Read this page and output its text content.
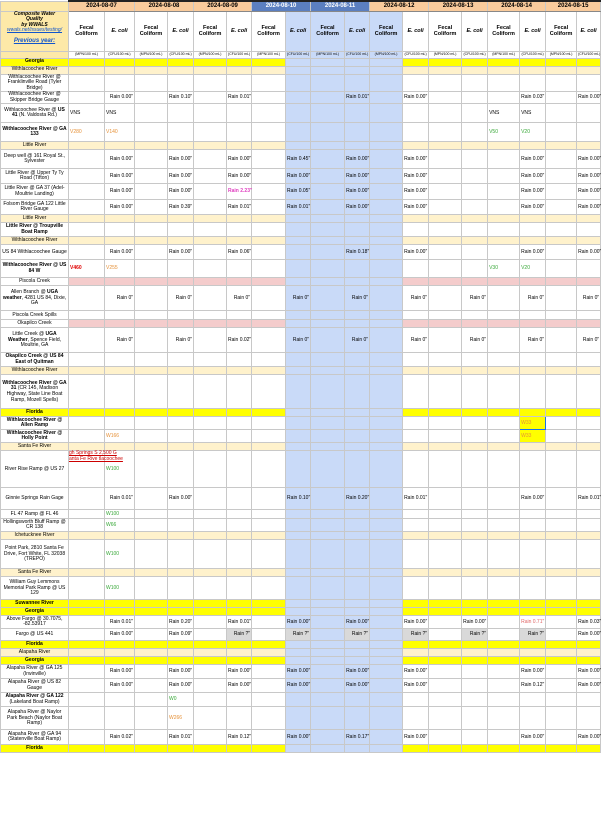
	2024-08-07		2024-08-08		2024-08-09		2024-08-10		2024-08-11		2024-08-12		2024-08-13		2024-08-14		2024-08-15	

Composite Water
Quality
by WWALS
wwals.net/issues/testing/
Previous year:	Fecal Coliform	E. coli	Fecal Coliform	E. coli	Fecal Coliform	E. coli	Fecal Coliform	E. coli	Fecal Coliform	E. coli	Fecal Coliform	E. coli	Fecal Coliform	E. coli	Fecal Coliform	E. coli	Fecal Coliform	E. coli
	(MPN/100 mL)	(CFU/100 mL)	(MPN/100 mL)	(CFU/100 mL)	(MPN/100 mL)	(CFU/100 mL)	(MPN/100 mL)	(CFU/100 mL)	(MPN/100 mL)	(CFU/100 mL)	(MPN/100 mL)	(CFU/100 mL)	(MPN/100 mL)	(CFU/100 mL)	(MPN/100 mL)	(CFU/100 mL)	(MPN/100 mL)	(CFU/100 mL)
Georgia																		
Withlacoochee River																		
Withlacoochee River @ Franklinville Road (Tyler Bridge)																		
Withlacoochee River @ Skipper Bridge Gauge		Rain 0.00"		Rain 0.10"		Rain 0.01"				Rain 0.01"		Rain 0.00"				Rain 0.03"		Rain 0.00"
Withlacoochee River @ US 41 (N. Valdosta Rd.)	VNS	VNS													VNS	VNS		
Withlacoochee River @ GA 133	V280	V140													V50	V20		
Little River																		
Deep well @ 161 Royal St., Sylvester		Rain 0.00"		Rain 0.00"		Rain 0.00"		Rain 0.45"		Rain 0.00"		Rain 0.00"				Rain 0.00"		Rain 0.00"
Little River @ Upper Ty Ty Road (Tifton)		Rain 0.00"		Rain 0.00"		Rain 0.00"		Rain 0.00"		Rain 0.00"		Rain 0.00"				Rain 0.00"		Rain 0.00"
Little River @ GA 37 (Adel-Moultrie Landing)		Rain 0.00"		Rain 0.00"		Rain 2.23"		Rain 0.05"		Rain 0.00"		Rain 0.00"				Rain 0.00"		Rain 0.00"
Folsom Bridge GA 122 Little River Gauge		Rain 0.00"		Rain 0.39"		Rain 0.01"		Rain 0.01"		Rain 0.00"		Rain 0.00"				Rain 0.00"		Rain 0.00"
Little River																		
Little River @ Troupville Boat Ramp																		
Withlacoochee River																		
US 84 Withlacoochee Gauge		Rain 0.00"		Rain 0.00"		Rain 0.06"				Rain 0.18"		Rain 0.00"				Rain 0.00"		Rain 0.00"
Withlacoochee River @ US 84 W	V460	V255													V30	V20		
Piscola Creek																		
Allen Branch @ UGA weather, 4281 US 84, Dixie, GA		Rain 0"		Rain 0"		Rain 0"		Rain 0"		Rain 0"		Rain 0"		Rain 0"		Rain 0"		Rain 0"
Piscola Creek Spills																		
Okapilco Creek																		
Little Creek @ UGA Weather, Spence Field, Moultrie, GA		Rain 0"		Rain 0"		Rain 0.02"		Rain 0"		Rain 0"		Rain 0"		Rain 0"		Rain 0"		Rain 0"
Okapilco Creek @ US 84 East of Quitman																		
Withlacoochee River																		
Withlacoochee River @ GA 31 (CR 145, Madison Highway, State Line Boat Ramp, Mozell Spells)																		
Florida																		
Withlacoochee River @ Allen Ramp																W33		
Withlacoochee River @ Holly Point		W166														W33		
Santa Fe River																		
River Rise Ramp @ US 27	gh Springs S 2,500 G anta Fe Rive tlacoochee	W100																
Ginnie Springs Rain Gage		Rain 0.01"		Rain 0.00"				Rain 0.10"		Rain 0.20"		Rain 0.01"				Rain 0.00"		Rain 0.01"
FL 47 Ramp @ FL 46		W100																
Hollingsworth Bluff Ramp @ CR 138		W66																
Ichetucknee River																		
Point Park, 2810 Santa Fe Drive, Fort White, FL 32038 (TREPO)		W100																
Santa Fe River																		
William Guy Lemmons Memorial Park Ramp @ US 129		W100																
Suwannee River																		
Georgia																		
Above Fargo @ 30.7075, -82.53917		Rain 0.01"		Rain 0.20"		Rain 0.01"		Rain 0.00"		Rain 0.00"		Rain 0.00"		Rain 0.00"		Rain 0.71"		Rain 0.03"
Fargo @ US 441		Rain 0.00"		Rain 0.09"		Rain ?"		Rain ?"		Rain ?"		Rain ?"		Rain ?"		Rain ?"		Rain 0.00"
Florida																		
Alapaha River																		
Georgia																		
Alapaha River @ GA 125 (Irwinville)		Rain 0.00"		Rain 0.00"		Rain 0.00"		Rain 0.00"		Rain 0.00"		Rain 0.00"				Rain 0.00"		Rain 0.00"
Alapaha River @ US 82 Gauge		Rain 0.00"		Rain 0.00"		Rain 0.00"		Rain 0.00"		Rain 0.00"		Rain 0.00"				Rain 0.12"		Rain 0.00"
Alapaha River @ GA 122 (Lakeland Boat Ramp)				W0														
Alapaha River @ Naylor Park Beach (Naylor Boat Ramp)				W266														
Alapaha River @ GA 94 (Statenville Boat Ramp)		Rain 0.02"		Rain 0.01"		Rain 0.12"		Rain 0.00"		Rain 0.17"		Rain 0.00"				Rain 0.00"		Rain 0.00"
Florida																		
